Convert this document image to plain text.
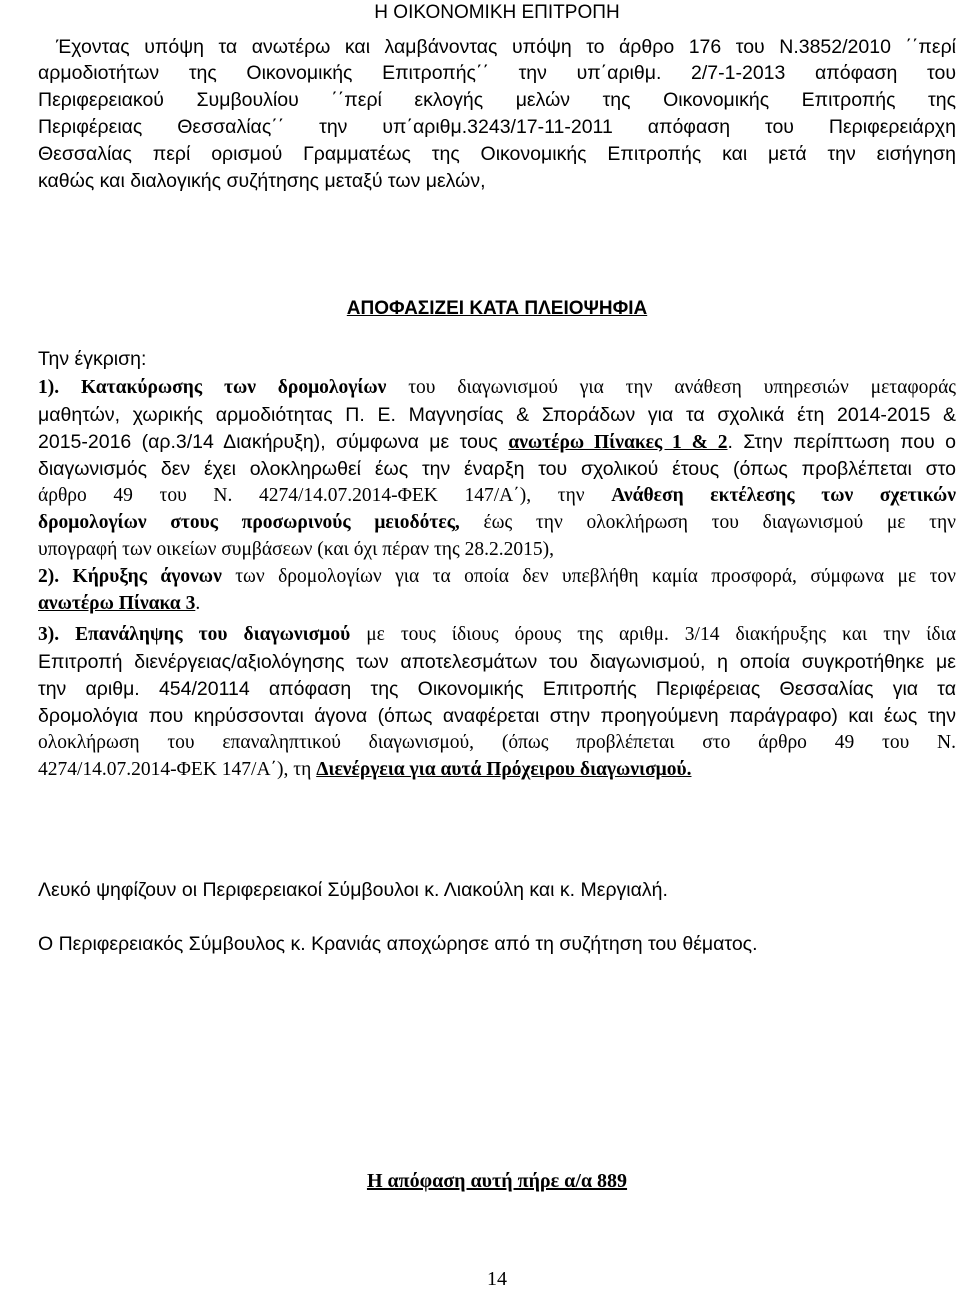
Η ΟΙΚΟΝΟΜΙΚΗ ΕΠΙΤΡΟΠΗ
Έχοντας υπόψη τα ανωτέρω και λαμβάνοντας υπόψη το άρθρο 176 του Ν.3852/2010 ΄΄περί
αρμοδιοτήτων της Οικονομικής Επιτροπής΄΄ την υπ΄αριθμ. 2/7-1-2013 απόφαση του
Περιφερειακού Συμβουλίου ΄΄περί εκλογής μελών της Οικονομικής Επιτροπής της
Περιφέρειας Θεσσαλίας΄΄ την υπ΄αριθμ.3243/17-11-2011 απόφαση του Περιφερειάρχη
Θεσσαλίας περί ορισμού Γραμματέως της Οικονομικής Επιτροπής και μετά την εισήγηση
καθώς και διαλογικής συζήτησης μεταξύ των μελών,
ΑΠΟΦΑΣΙΖΕΙ ΚΑΤΑ ΠΛΕΙΟΨΗΦΙΑ
Την έγκριση:
1). Κατακύρωσης των δρομολογίων του διαγωνισμού για την ανάθεση υπηρεσιών μεταφοράς
μαθητών, χωρικής αρμοδιότητας Π. Ε. Μαγνησίας & Σποράδων για τα σχολικά έτη 2014-2015 &
2015-2016 (αρ.3/14 Διακήρυξη), σύμφωνα με τους ανωτέρω Πίνακες 1 & 2. Στην περίπτωση που ο
διαγωνισμός δεν έχει ολοκληρωθεί έως την έναρξη του σχολικού έτους (όπως προβλέπεται στο
άρθρο 49 του Ν. 4274/14.07.2014-ΦΕΚ 147/Α΄), την Ανάθεση εκτέλεσης των σχετικών
δρομολογίων στους προσωρινούς μειοδότες, έως την ολοκλήρωση του διαγωνισμού με την
υπογραφή των οικείων συμβάσεων (και όχι πέραν της 28.2.2015),
2). Κήρυξης άγονων των δρομολογίων για τα οποία δεν υπεβλήθη καμία προσφορά, σύμφωνα με τον
ανωτέρω Πίνακα 3.
3). Επανάληψης του διαγωνισμού με τους ίδιους όρους της αριθμ. 3/14 διακήρυξης και την ίδια
Επιτροπή διενέργειας/αξιολόγησης των αποτελεσμάτων του διαγωνισμού, η οποία συγκροτήθηκε με
την αριθμ. 454/20114 απόφαση της Οικονομικής Επιτροπής Περιφέρειας Θεσσαλίας για τα
δρομολόγια που κηρύσσονται άγονα (όπως αναφέρεται στην προηγούμενη παράγραφο) και έως την
ολοκλήρωση του επαναληπτικού διαγωνισμού, (όπως προβλέπεται στο άρθρο 49 του Ν.
4274/14.07.2014-ΦΕΚ 147/Α΄), τη Διενέργεια για αυτά Πρόχειρου διαγωνισμού.
Λευκό ψηφίζουν οι Περιφερειακοί Σύμβουλοι κ. Λιακούλη και κ. Μεργιαλή.
Ο Περιφερειακός Σύμβουλος κ. Κρανιάς αποχώρησε από τη συζήτηση του θέματος.
Η απόφαση αυτή πήρε α/α 889
14
